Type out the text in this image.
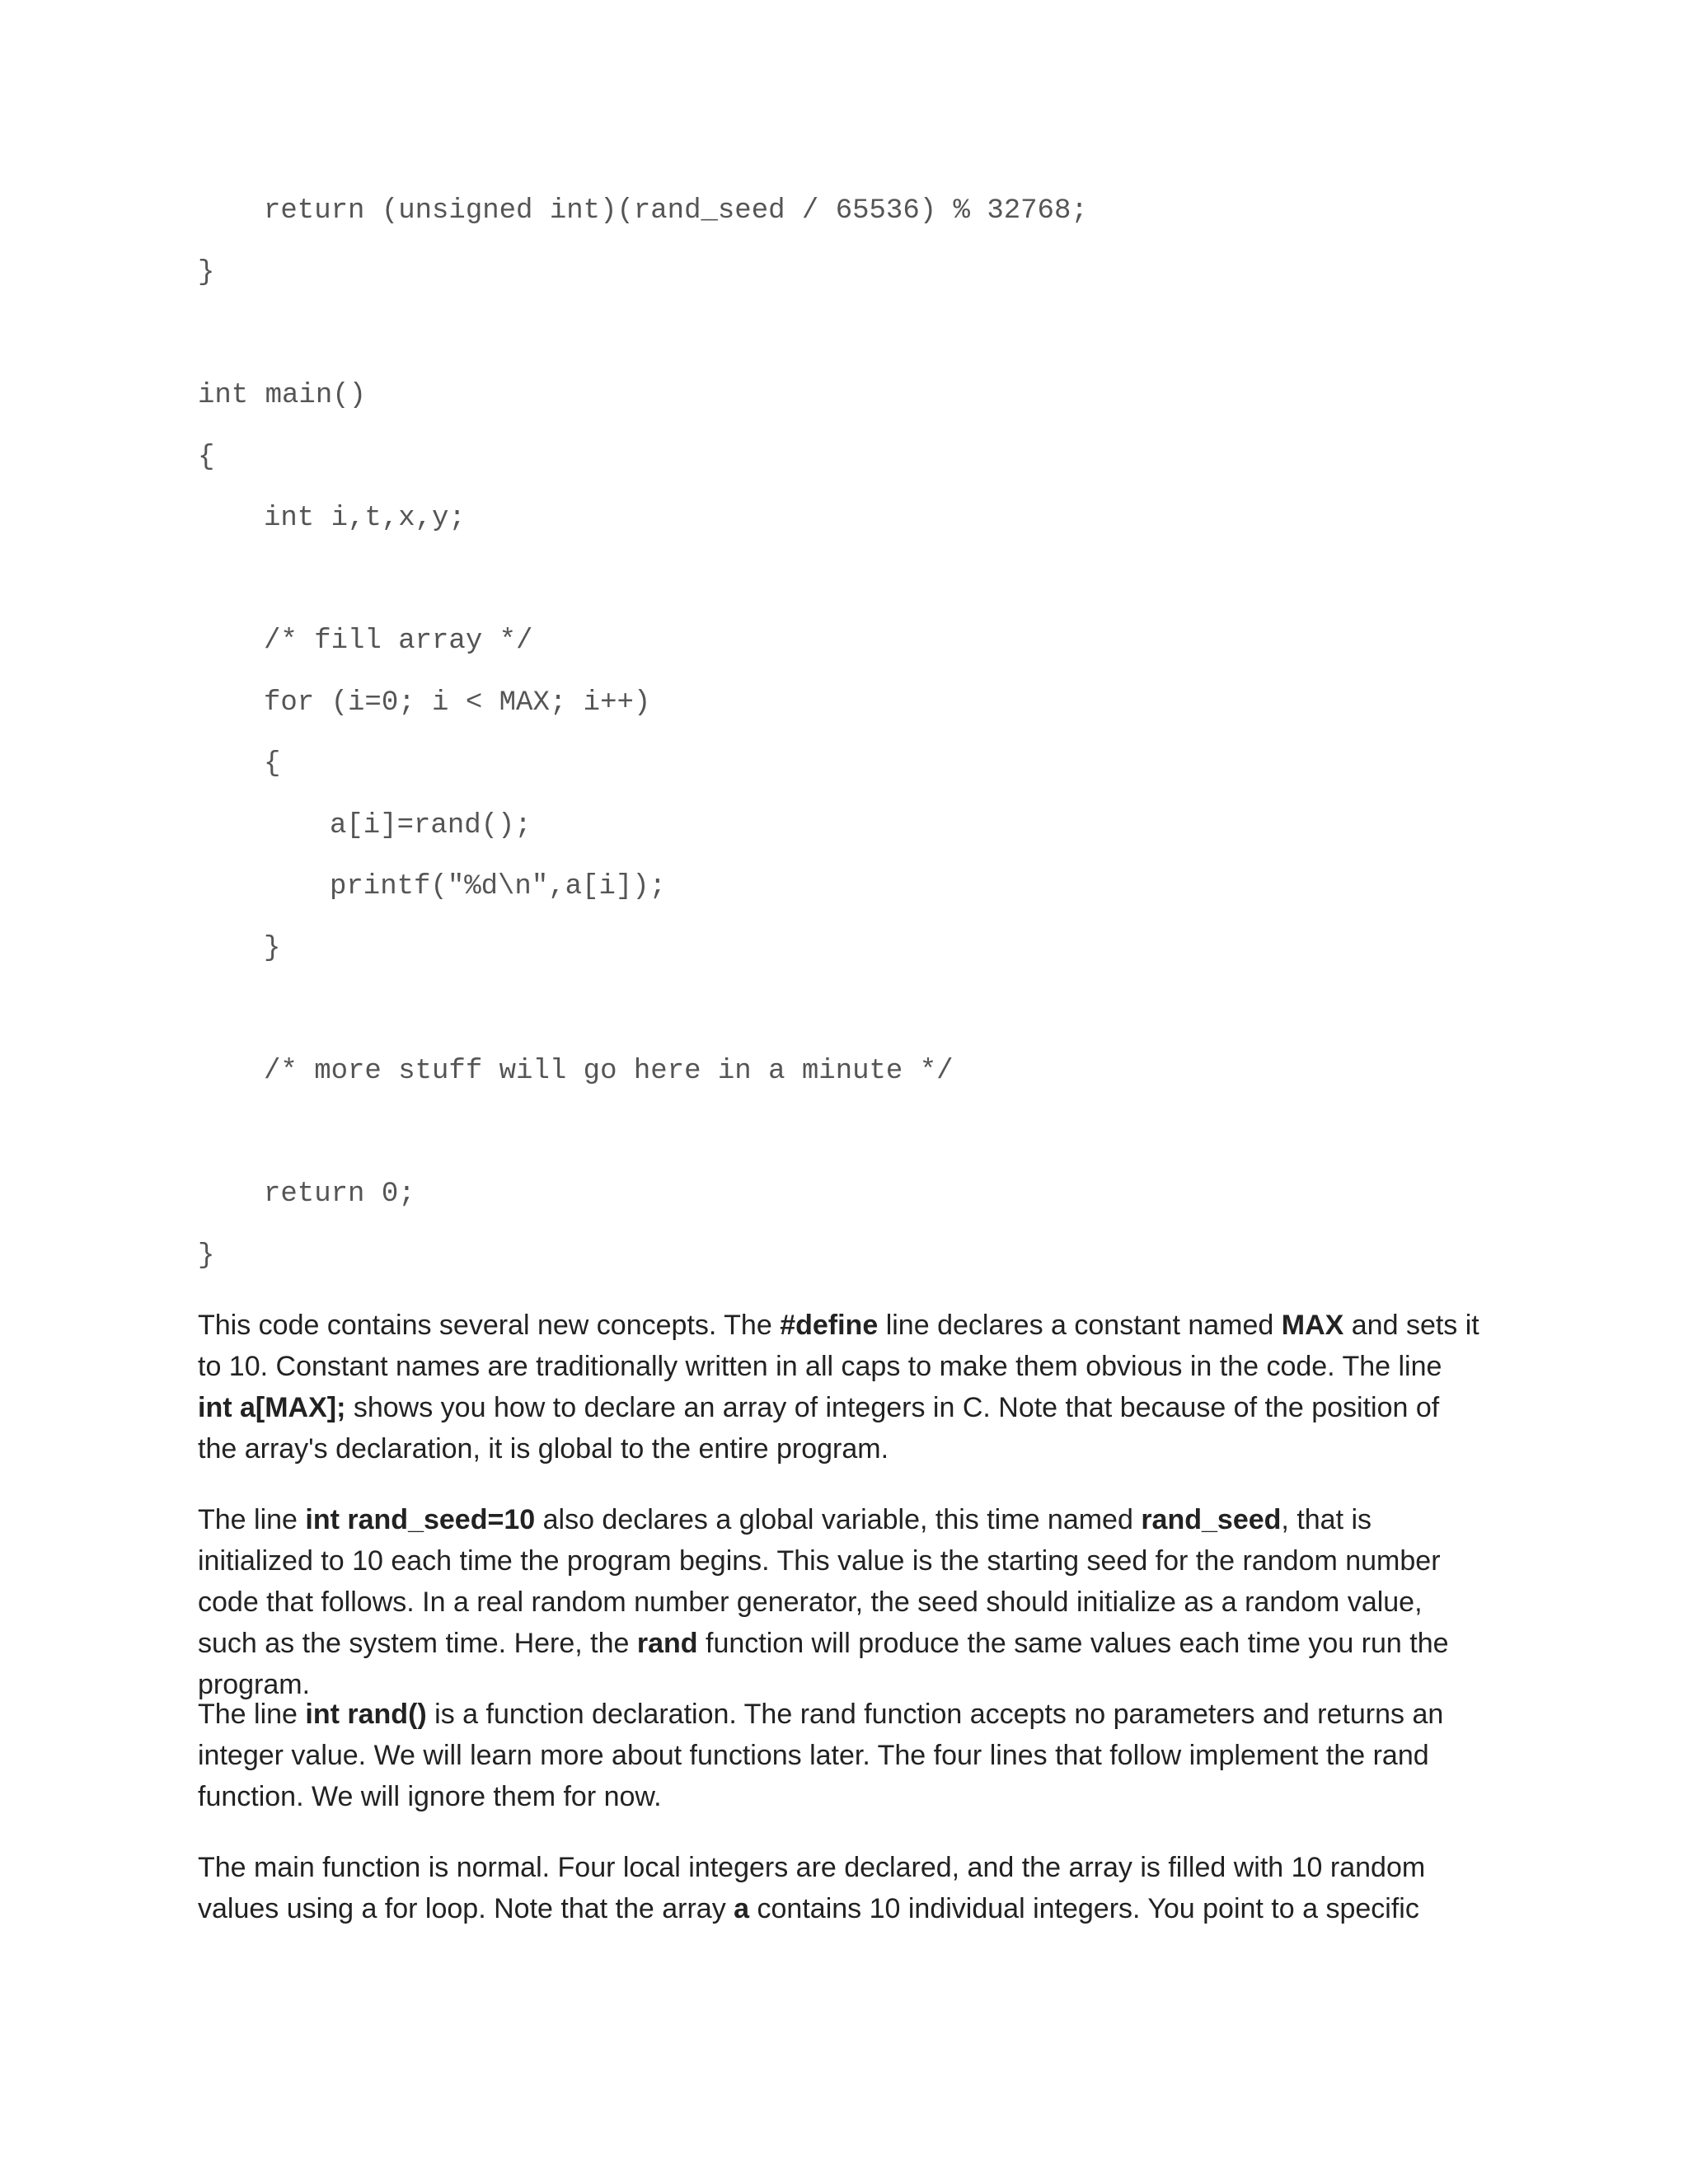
return (unsigned int)(rand_seed / 65536) % 32768;
}
int main()
{
int i,t,x,y;
/* fill array */
for (i=0; i < MAX; i++)
{
a[i]=rand();
printf("%d\n",a[i]);
}
/* more stuff will go here in a minute */
return 0;
}

This code contains several new concepts. The #define line declares a constant named MAX and sets it to 10. Constant names are traditionally written in all caps to make them obvious in the code. The line int a[MAX]; shows you how to declare an array of integers in C. Note that because of the position of the array's declaration, it is global to the entire program.

The line int rand_seed=10 also declares a global variable, this time named rand_seed, that is initialized to 10 each time the program begins. This value is the starting seed for the random number code that follows. In a real random number generator, the seed should initialize as a random value, such as the system time. Here, the rand function will produce the same values each time you run the program.

The line int rand() is a function declaration. The rand function accepts no parameters and returns an integer value. We will learn more about functions later. The four lines that follow implement the rand function. We will ignore them for now.

The main function is normal. Four local integers are declared, and the array is filled with 10 random values using a for loop. Note that the array a contains 10 individual integers. You point to a specific
